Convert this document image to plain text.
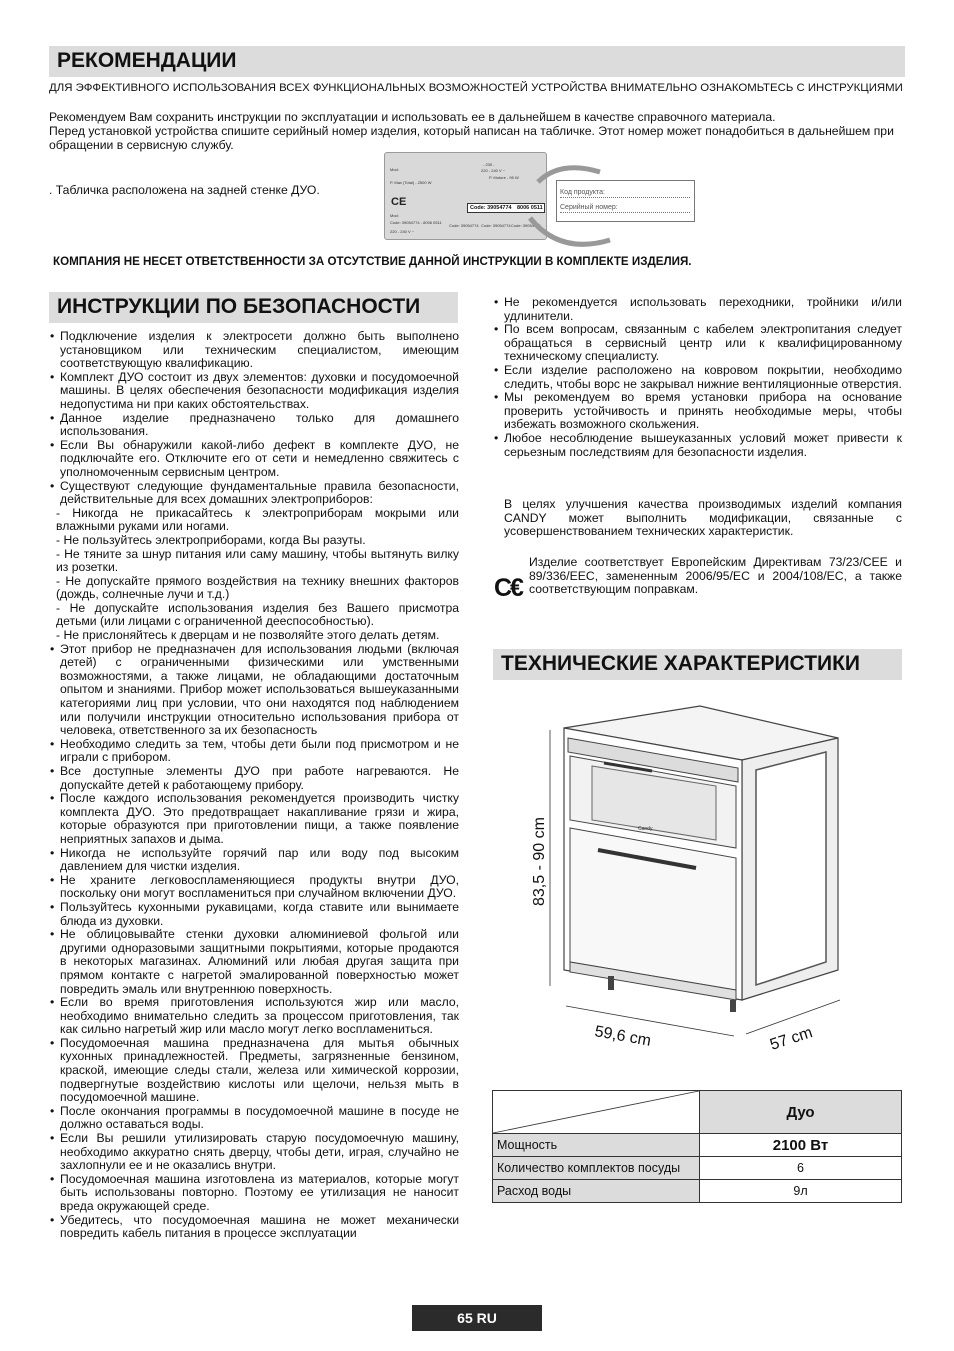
РЕКОМЕНДАЦИИ

ДЛЯ ЭФФЕКТИВНОГО ИСПОЛЬЗОВАНИЯ ВСЕХ ФУНКЦИОНАЛЬНЫХ ВОЗМОЖНОСТЕЙ УСТРОЙСТВА ВНИМАТЕЛЬНО ОЗНАКОМЬТЕСЬ С ИНСТРУКЦИЯМИ

Рекомендуем Вам сохранить инструкции по эксплуатации и использовать ее в дальнейшем в качестве справочного материала.

Перед установкой устройства спишите серийный номер изделия, который написан на табличке. Этот номер может понадобиться в дальнейшем при обращении в сервисную службу.

. Табличка расположена на задней стенке ДУО.

Mod:
P. Max (Total) - 2500 W
- 230 -
220 - 240 V ~
P. Motore - 95 W
CE	Code: 39054774 8006 0511
Mod:
Code: 39054774 - 8006 0511
220 - 240 V ~
Code: 39054774 Code: 39054774 Code: 39054774
Код продукта:
Серийный номер:

КОМПАНИЯ НЕ НЕСЕТ ОТВЕТСТВЕННОСТИ ЗА ОТСУТСТВИЕ ДАННОЙ ИНСТРУКЦИИ В КОМПЛЕКТЕ ИЗДЕЛИЯ.

ИНСТРУКЦИИ ПО БЕЗОПАСНОСТИ
• Подключение изделия к электросети должно быть выполнено установщиком или техническим специалистом, имеющим соответствующую квалификацию.
• Комплект ДУО состоит из двух элементов: духовки и посудомоечной машины. В целях обеспечения безопасности модификация изделия недопустима ни при каких обстоятельствах.
• Данное изделие предназначено только для домашнего использования.
• Если Вы обнаружили какой-либо дефект в комплекте ДУО, не подключайте его. Отключите его от сети и немедленно свяжитесь с уполномоченным сервисным центром.
• Существуют следующие фундаментальные правила безопасности, действительные для всех домашних электроприборов:
- Никогда не прикасайтесь к электроприборам мокрыми или влажными руками или ногами.
- Не пользуйтесь электроприборами, когда Вы разуты.
- Не тяните за шнур питания или саму машину, чтобы вытянуть вилку из розетки.
- Не допускайте прямого воздействия на технику внешних факторов (дождь, солнечные лучи и т.д.)
- Не допускайте использования изделия без Вашего присмотра детьми (или лицами с ограниченной дееспособностью).
- Не прислоняйтесь к дверцам и не позволяйте этого делать детям.
• Этот прибор не предназначен для использования людьми (включая детей) с ограниченными физическими или умственными возможностями, а также лицами, не обладающими достаточным опытом и знаниями. Прибор может использоваться вышеуказанными категориями лиц при условии, что они находятся под наблюдением или получили инструкции относительно использования прибора от человека, ответственного за их безопасность
• Необходимо следить за тем, чтобы дети были под присмотром и не играли с прибором.
• Все доступные элементы ДУО при работе нагреваются. Не допускайте детей к работающему прибору.
• После каждого использования рекомендуется производить чистку комплекта ДУО. Это предотвращает накапливание грязи и жира, которые образуются при приготовлении пищи, а также появление неприятных запахов и дыма.
• Никогда не используйте горячий пар или воду под высоким давлением для чистки изделия.
• Не храните легковоспламеняющиеся продукты внутри ДУО, поскольку они могут воспламениться при случайном включении ДУО.
• Пользуйтесь кухонными рукавицами, когда ставите или вынимаете блюда из духовки.
• Не облицовывайте стенки духовки алюминиевой фольгой или другими одноразовыми защитными покрытиями, которые продаются в некоторых магазинах. Алюминий или любая другая защита при прямом контакте с нагретой эмалированной поверхностью может повредить эмаль или внутреннюю поверхность.
• Если во время приготовления используются жир или масло, необходимо внимательно следить за процессом приготовления, так как сильно нагретый жир или масло могут легко воспламениться.
• Посудомоечная машина предназначена для мытья обычных кухонных принадлежностей. Предметы, загрязненные бензином, краской, имеющие следы стали, железа или химической коррозии, подвергнутые воздействию кислоты или щелочи, нельзя мыть в посудомоечной машине.
• После окончания программы в посудомоечной машине в посуде не должно оставаться воды.
• Если Вы решили утилизировать старую посудомоечную машину, необходимо аккуратно снять дверцу, чтобы дети, играя, случайно не захлопнули ее и не оказались внутри.
• Посудомоечная машина изготовлена из материалов, которые могут быть использованы повторно. Поэтому ее утилизация не наносит вреда окружающей среде.
• Убедитесь, что посудомоечная машина не может механически повредить кабель питания в процессе эксплуатации
• Не рекомендуется использовать переходники, тройники и/или удлинители.
• По всем вопросам, связанным с кабелем электропитания следует обращаться в сервисный центр или к квалифицированному техническому специалисту.
• Если изделие расположено на ковровом покрытии, необходимо следить, чтобы ворс не закрывал нижние вентиляционные отверстия.
• Мы рекомендуем во время установки прибора на основание проверить устойчивость и принять необходимые меры, чтобы избежать возможного скольжения.
• Любое несоблюдение вышеуказанных условий может привести к серьезным последствиям для безопасности изделия.

В целях улучшения качества производимых изделий компания CANDY может выполнить модификации, связанные с усовершенствованием технических характеристик.

C€

Изделие соответствует Европейским Директивам 73/23/CEE и 89/336/EEC, замененным 2006/95/EC и 2004/108/EC, а также соответствующим поправкам.

ТЕХНИЧЕСКИЕ ХАРАКТЕРИСТИКИ
Candy
83,5 - 90 cm
59,6 cm	57 cm
	Дуо
Мощность	2100 Вт
Количество комплектов посуды	6
Расход воды	9л
65 RU
